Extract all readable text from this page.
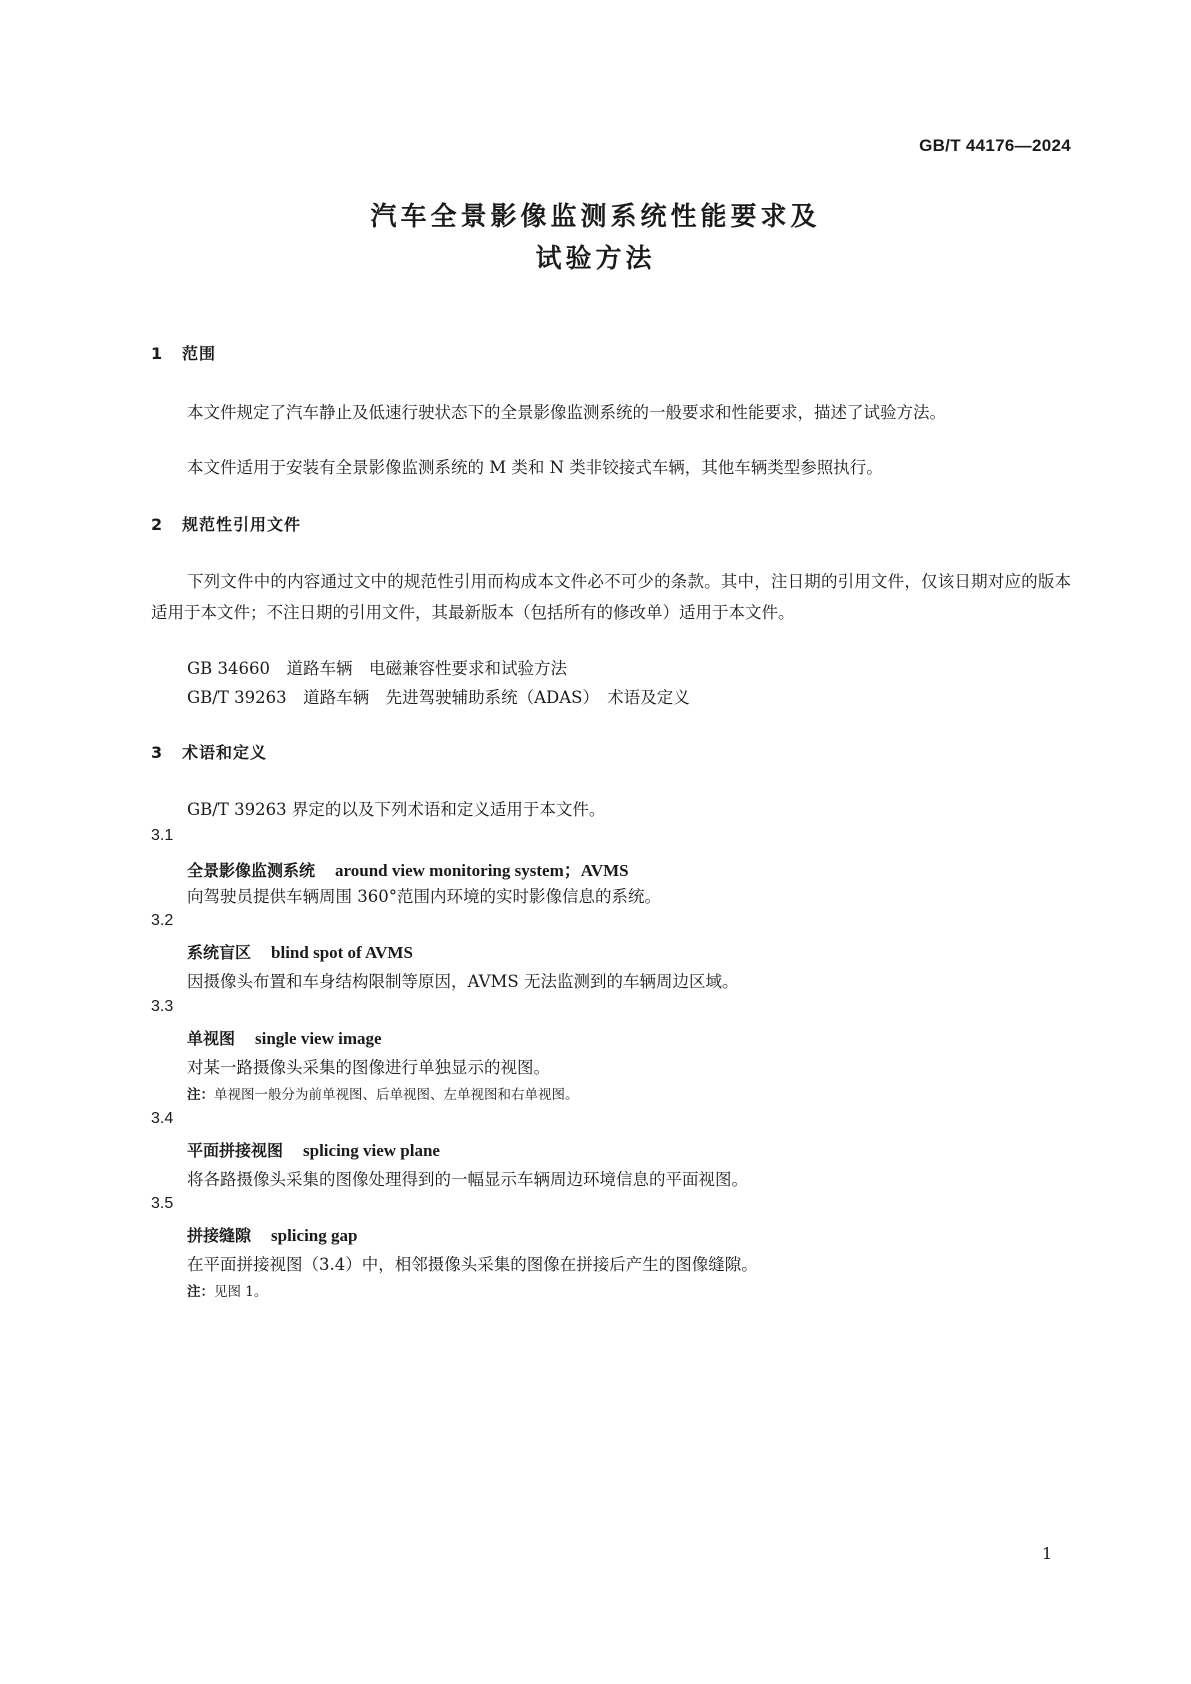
GB/T 44176—2024
汽车全景影像监测系统性能要求及
试验方法
1 范围
本文件规定了汽车静止及低速行驶状态下的全景影像监测系统的一般要求和性能要求，描述了试验方法。
本文件适用于安装有全景影像监测系统的 M 类和 N 类非铰接式车辆，其他车辆类型参照执行。
2 规范性引用文件
下列文件中的内容通过文中的规范性引用而构成本文件必不可少的条款。其中，注日期的引用文件，仅该日期对应的版本适用于本文件；不注日期的引用文件，其最新版本（包括所有的修改单）适用于本文件。
GB 34660　道路车辆　电磁兼容性要求和试验方法
GB/T 39263　道路车辆　先进驾驶辅助系统（ADAS）　术语及定义
3 术语和定义
GB/T 39263 界定的以及下列术语和定义适用于本文件。
3.1
全景影像监测系统 around view monitoring system；AVMS
向驾驶员提供车辆周围 360°范围内环境的实时影像信息的系统。
3.2
系统盲区 blind spot of AVMS
因摄像头布置和车身结构限制等原因，AVMS 无法监测到的车辆周边区域。
3.3
单视图 single view image
对某一路摄像头采集的图像进行单独显示的视图。
注：单视图一般分为前单视图、后单视图、左单视图和右单视图。
3.4
平面拼接视图 splicing view plane
将各路摄像头采集的图像处理得到的一幅显示车辆周边环境信息的平面视图。
3.5
拼接缝隙 splicing gap
在平面拼接视图（3.4）中，相邻摄像头采集的图像在拼接后产生的图像缝隙。
注：见图 1。
1
